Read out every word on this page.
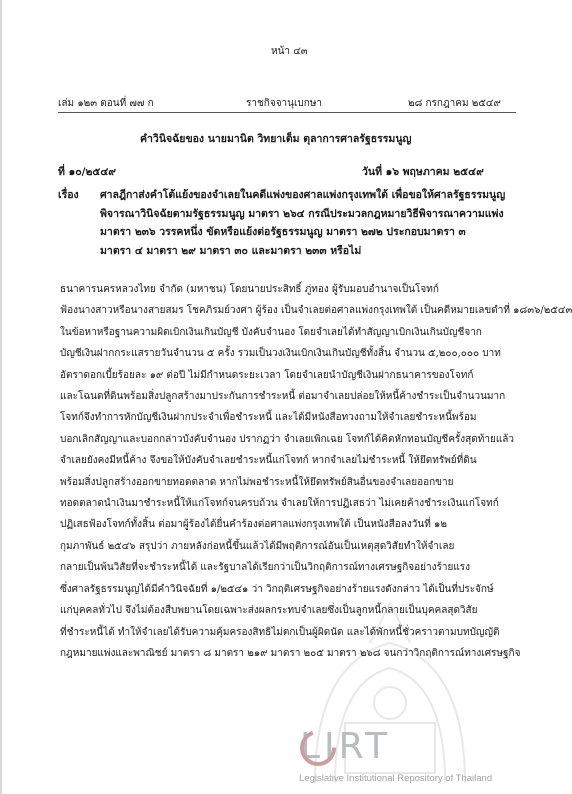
หน้า ๔๓
เล่ม ๑๒๓ ตอนที่ ๗๗ ก	ราชกิจจานุเบกษา	๒๘ กรกฎาคม ๒๕๔๙
คำวินิจฉัยของ นายมานิต วิทยาเต็ม ตุลาการศาลรัฐธรรมนูญ
ที่ ๑๐/๒๕๔๙	วันที่ ๑๖ พฤษภาคม ๒๕๔๙
เรื่อง ศาลฎีกาส่งคำโต้แย้งของจำเลยในคดีแพ่งของศาลแพ่งกรุงเทพใต้ เพื่อขอให้ศาลรัฐธรรมนูญ
พิจารณาวินิจฉัยตามรัฐธรรมนูญ มาตรา ๒๖๔ กรณีประมวลกฎหมายวิธีพิจารณาความแพ่ง
มาตรา ๒๓๖ วรรคหนึ่ง ขัดหรือแย้งต่อรัฐธรรมนูญ มาตรา ๒๗๒ ประกอบมาตรา ๓
มาตรา ๔ มาตรา ๒๙ มาตรา ๓๐ และมาตรา ๒๓๓ หรือไม่

ธนาคารนครหลวงไทย จำกัด (มหาชน) โดยนายประสิทธิ์ ภู่ทอง ผู้รับมอบอำนาจเป็นโจทก์

ฟ้องนางสาวหรือนางสายสมร โชคภิรมย์วงศา ผู้ร้อง เป็นจำเลยต่อศาลแพ่งกรุงเทพใต้ เป็นคดีหมายเลขดำที่ ๑๘๓๖/๒๕๔๓

ในข้อหาหรือฐานความผิดเบิกเงินเกินบัญชี บังคับจำนอง โดยจำเลยได้ทำสัญญาเบิกเงินเกินบัญชีจาก

บัญชีเงินฝากกระแสรายวันจำนวน ๕ ครั้ง รวมเป็นวงเงินเบิกเงินเกินบัญชีทั้งสิ้น จำนวน ๕,๒๐๐,๐๐๐ บาท

อัตราดอกเบี้ยร้อยละ ๑๙ ต่อปี ไม่มีกำหนดระยะเวลา โดยจำเลยนำบัญชีเงินฝากธนาคารของโจทก์

และโฉนดที่ดินพร้อมสิ่งปลูกสร้างมาประกันการชำระหนี้ ต่อมาจำเลยปล่อยให้หนี้ค้างชำระเป็นจำนวนมาก

โจทก์จึงทำการหักบัญชีเงินฝากประจำเพื่อชำระหนี้ และได้มีหนังสือทวงถามให้จำเลยชำระหนี้พร้อม

บอกเลิกสัญญาและบอกกล่าวบังคับจำนอง ปรากฏว่า จำเลยเพิกเฉย โจทก์ได้คิดหักทอนบัญชีครั้งสุดท้ายแล้ว

จำเลยยังคงมีหนี้ค้าง จึงขอให้บังคับจำเลยชำระหนี้แก่โจทก์ หากจำเลยไม่ชำระหนี้ ให้ยึดทรัพย์ที่ดิน

พร้อมสิ่งปลูกสร้างออกขายทอดตลาด หากไม่พอชำระหนี้ให้ยึดทรัพย์สินอื่นของจำเลยออกขาย

ทอดตลาดนำเงินมาชำระหนี้ให้แก่โจทก์จนครบถ้วน จำเลยให้การปฏิเสธว่า ไม่เคยค้างชำระเงินแก่โจทก์

ปฏิเสธฟ้องโจทก์ทั้งสิ้น ต่อมาผู้ร้องได้ยื่นคำร้องต่อศาลแพ่งกรุงเทพใต้ เป็นหนังสือลงวันที่ ๑๒

กุมภาพันธ์ ๒๕๔๖ สรุปว่า ภายหลังก่อหนี้ขึ้นแล้วได้มีพฤติการณ์อันเป็นเหตุสุดวิสัยทำให้จำเลย

กลายเป็นพ้นวิสัยที่จะชำระหนี้ได้ และรัฐบาลได้เรียกว่าเป็นวิกฤติการณ์ทางเศรษฐกิจอย่างร้ายแรง

ซึ่งศาลรัฐธรรมนูญได้มีคำวินิจฉัยที่ ๑/๒๕๔๑ ว่า วิกฤติเศรษฐกิจอย่างร้ายแรงดังกล่าว ได้เป็นที่ประจักษ์

แก่บุคคลทั่วไป จึงไม่ต้องสืบพยานโดยเฉพาะส่งผลกระทบจำเลยซึ่งเป็นลูกหนี้กลายเป็นบุคคลสุดวิสัย

ที่ชำระหนี้ได้ ทำให้จำเลยได้รับความคุ้มครองสิทธิไม่ตกเป็นผู้ผิดนัด และได้พักหนี้ชั่วคราวตามบทบัญญัติ

กฎหมายแพ่งและพาณิชย์ มาตรา ๘ มาตรา ๒๑๙ มาตรา ๒๐๕ มาตรา ๒๖๘ จนกว่าวิกฤติการณ์ทางเศรษฐกิจ

LIRT
Legislative Institutional Repository of Thailand
